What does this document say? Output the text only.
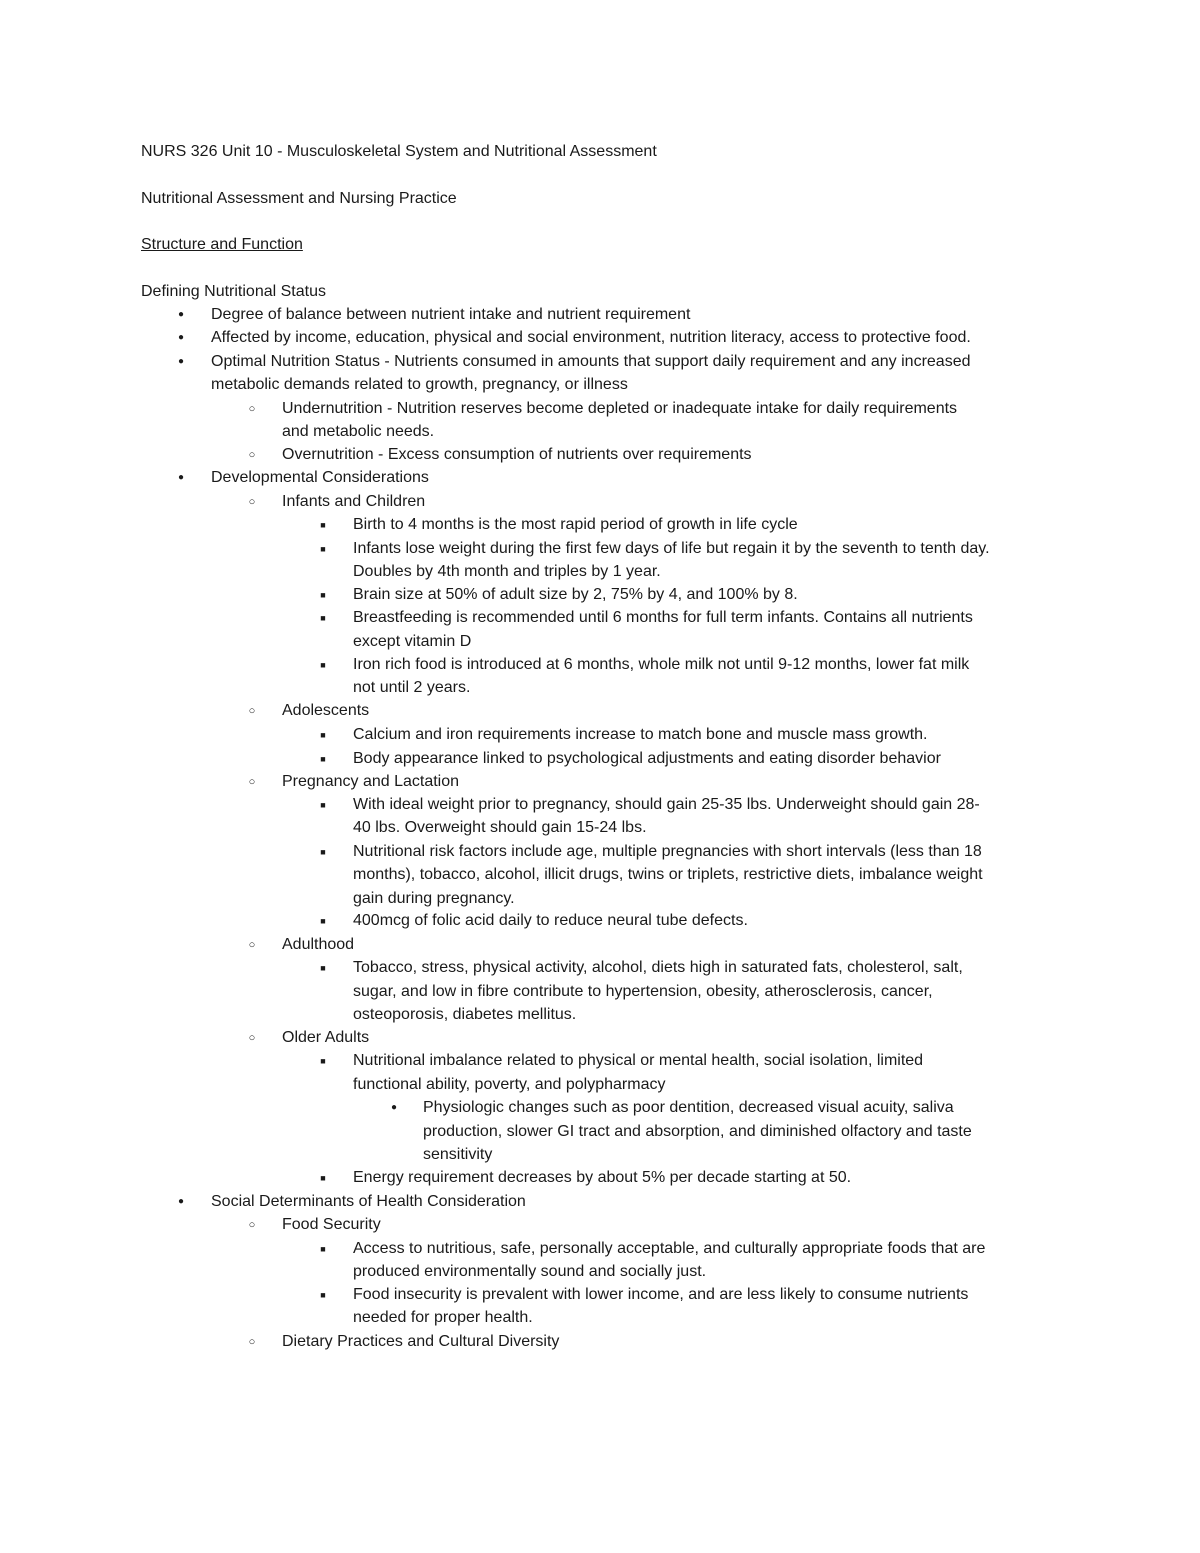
NURS 326 Unit 10 - Musculoskeletal System and Nutritional Assessment
Nutritional Assessment and Nursing Practice
Structure and Function
Defining Nutritional Status
●	Degree of balance between nutrient intake and nutrient requirement
●	Affected by income, education, physical and social environment, nutrition literacy, access to protective food.
●	Optimal Nutrition Status - Nutrients consumed in amounts that support daily requirement and any increased
metabolic demands related to growth, pregnancy, or illness
○	Undernutrition - Nutrition reserves become depleted or inadequate intake for daily requirements
and metabolic needs.
○	Overnutrition - Excess consumption of nutrients over requirements
●	Developmental Considerations
○	Infants and Children
■	Birth to 4 months is the most rapid period of growth in life cycle
■	Infants lose weight during the first few days of life but regain it by the seventh to tenth day.
Doubles by 4th month and triples by 1 year.
■	Brain size at 50% of adult size by 2, 75% by 4, and 100% by 8.
■	Breastfeeding is recommended until 6 months for full term infants. Contains all nutrients
except vitamin D
■	Iron rich food is introduced at 6 months, whole milk not until 9-12 months, lower fat milk
not until 2 years.
○	Adolescents
■	Calcium and iron requirements increase to match bone and muscle mass growth.
■	Body appearance linked to psychological adjustments and eating disorder behavior
○	Pregnancy and Lactation
■	With ideal weight prior to pregnancy, should gain 25-35 lbs. Underweight should gain 28-
40 lbs. Overweight should gain 15-24 lbs.
■	Nutritional risk factors include age, multiple pregnancies with short intervals (less than 18
months), tobacco, alcohol, illicit drugs, twins or triplets, restrictive diets, imbalance weight
gain during pregnancy.
■	400mcg of folic acid daily to reduce neural tube defects.
○	Adulthood
■	Tobacco, stress, physical activity, alcohol, diets high in saturated fats, cholesterol, salt,
sugar, and low in fibre contribute to hypertension, obesity, atherosclerosis, cancer,
osteoporosis, diabetes mellitus.
○	Older Adults
■	Nutritional imbalance related to physical or mental health, social isolation, limited
functional ability, poverty, and polypharmacy
●	Physiologic changes such as poor dentition, decreased visual acuity, saliva
production, slower GI tract and absorption, and diminished olfactory and taste
sensitivity
■	Energy requirement decreases by about 5% per decade starting at 50.
●	Social Determinants of Health Consideration
○	Food Security
■	Access to nutritious, safe, personally acceptable, and culturally appropriate foods that are
produced environmentally sound and socially just.
■	Food insecurity is prevalent with lower income, and are less likely to consume nutrients
needed for proper health.
○	Dietary Practices and Cultural Diversity
